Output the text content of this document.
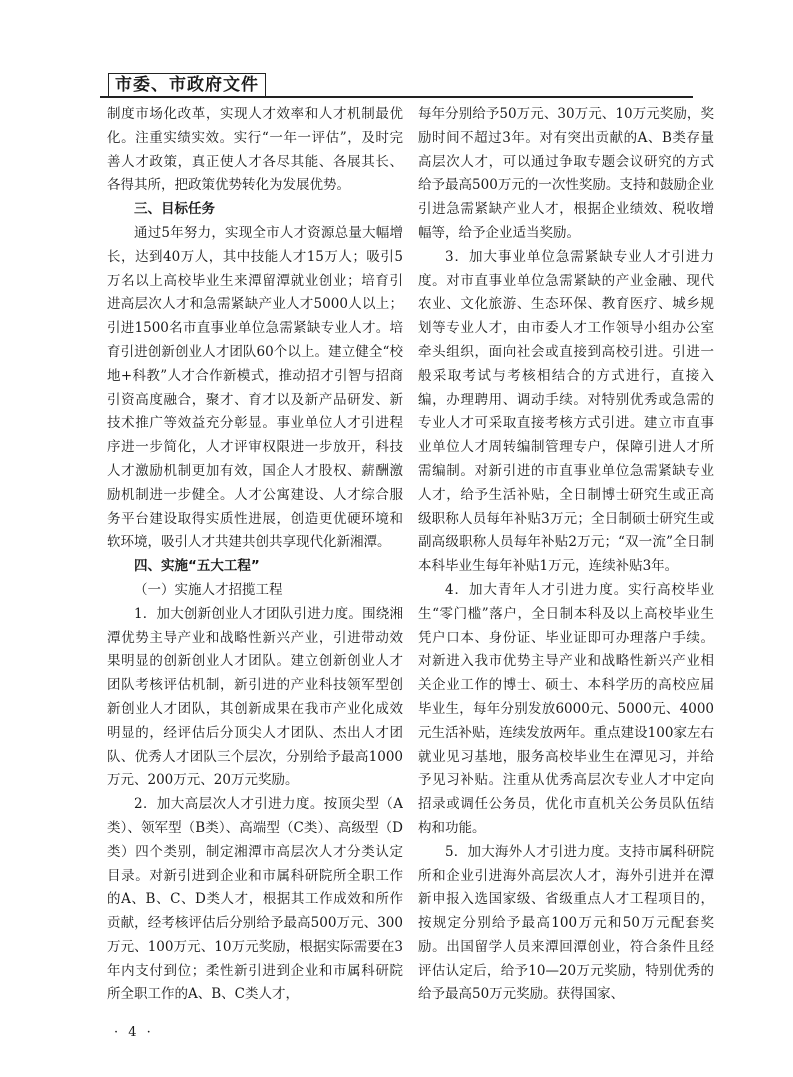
市委、市政府文件

制度市场化改革，实现人才效率和人才机制最优化。注重实绩实效。实行“一年一评估”，及时完善人才政策，真正使人才各尽其能、各展其长、各得其所，把政策优势转化为发展优势。

三、目标任务

通过5年努力，实现全市人才资源总量大幅增长，达到40万人，其中技能人才15万人；吸引5万名以上高校毕业生来潭留潭就业创业；培育引进高层次人才和急需紧缺产业人才5000人以上；引进1500名市直事业单位急需紧缺专业人才。培育引进创新创业人才团队60个以上。建立健全“校地+科教”人才合作新模式，推动招才引智与招商引资高度融合，聚才、育才以及新产品研发、新技术推广等效益充分彰显。事业单位人才引进程序进一步简化，人才评审权限进一步放开，科技人才激励机制更加有效，国企人才股权、薪酬激励机制进一步健全。人才公寓建设、人才综合服务平台建设取得实质性进展，创造更优硬环境和软环境，吸引人才共建共创共享现代化新湘潭。

四、实施“五大工程”

（一）实施人才招揽工程

1．加大创新创业人才团队引进力度。围绕湘潭优势主导产业和战略性新兴产业，引进带动效果明显的创新创业人才团队。建立创新创业人才团队考核评估机制，新引进的产业科技领军型创新创业人才团队，其创新成果在我市产业化成效明显的，经评估后分顶尖人才团队、杰出人才团队、优秀人才团队三个层次，分别给予最高1000万元、200万元、20万元奖励。

2．加大高层次人才引进力度。按顶尖型（A类）、领军型（B类）、高端型（C类）、高级型（D类）四个类别，制定湘潭市高层次人才分类认定目录。对新引进到企业和市属科研院所全职工作的A、B、C、D类人才，根据其工作成效和所作贡献，经考核评估后分别给予最高500万元、300万元、100万元、10万元奖励，根据实际需要在3年内支付到位；柔性新引进到企业和市属科研院所全职工作的A、B、C类人才，

每年分别给予50万元、30万元、10万元奖励，奖励时间不超过3年。对有突出贡献的A、B类存量高层次人才，可以通过争取专题会议研究的方式给予最高500万元的一次性奖励。支持和鼓励企业引进急需紧缺产业人才，根据企业绩效、税收增幅等，给予企业适当奖励。

3．加大事业单位急需紧缺专业人才引进力度。对市直事业单位急需紧缺的产业金融、现代农业、文化旅游、生态环保、教育医疗、城乡规划等专业人才，由市委人才工作领导小组办公室牵头组织，面向社会或直接到高校引进。引进一般采取考试与考核相结合的方式进行，直接入编，办理聘用、调动手续。对特别优秀或急需的专业人才可采取直接考核方式引进。建立市直事业单位人才周转编制管理专户，保障引进人才所需编制。对新引进的市直事业单位急需紧缺专业人才，给予生活补贴，全日制博士研究生或正高级职称人员每年补贴3万元；全日制硕士研究生或副高级职称人员每年补贴2万元；“双一流”全日制本科毕业生每年补贴1万元，连续补贴3年。

4．加大青年人才引进力度。实行高校毕业生“零门槛”落户，全日制本科及以上高校毕业生凭户口本、身份证、毕业证即可办理落户手续。对新进入我市优势主导产业和战略性新兴产业相关企业工作的博士、硕士、本科学历的高校应届毕业生，每年分别发放6000元、5000元、4000元生活补贴，连续发放两年。重点建设100家左右就业见习基地，服务高校毕业生在潭见习，并给予见习补贴。注重从优秀高层次专业人才中定向招录或调任公务员，优化市直机关公务员队伍结构和功能。

5．加大海外人才引进力度。支持市属科研院所和企业引进海外高层次人才，海外引进并在潭新申报入选国家级、省级重点人才工程项目的，按规定分别给予最高100万元和50万元配套奖励。出国留学人员来潭回潭创业，符合条件且经评估认定后，给予10—20万元奖励，特别优秀的给予最高50万元奖励。获得国家、

· 4 ·
